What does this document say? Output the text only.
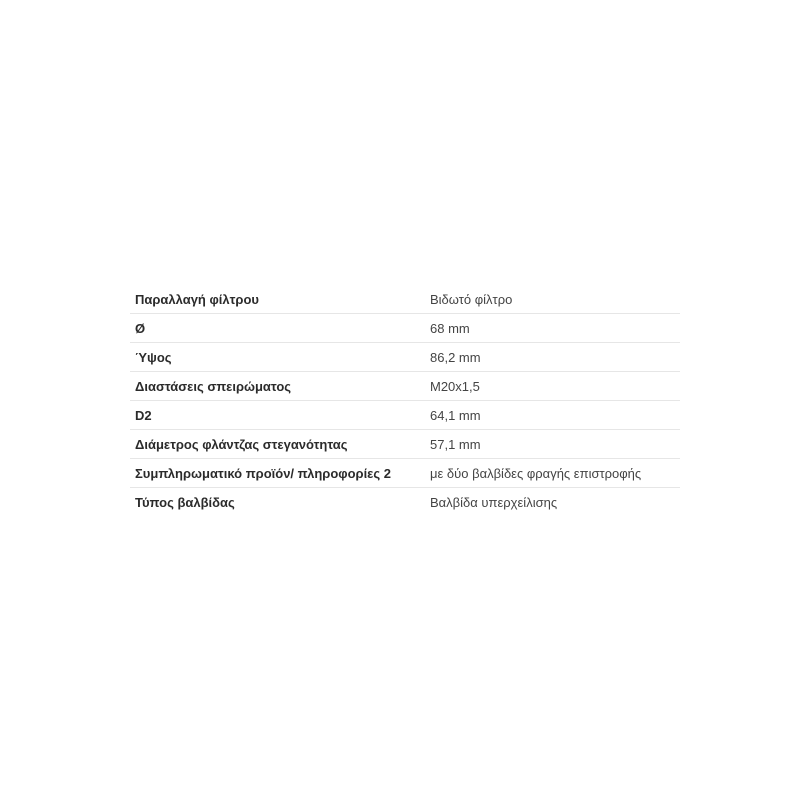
Παραλλαγή φίλτρου	Βιδωτό φίλτρο
Ø	68 mm
Ύψος	86,2 mm
Διαστάσεις σπειρώματος	M20x1,5
D2	64,1 mm
Διάμετρος φλάντζας στεγανότητας	57,1 mm
Συμπληρωματικό προϊόν/ πληροφορίες 2	με δύο βαλβίδες φραγής επιστροφής
Τύπος βαλβίδας	Βαλβίδα υπερχείλισης
